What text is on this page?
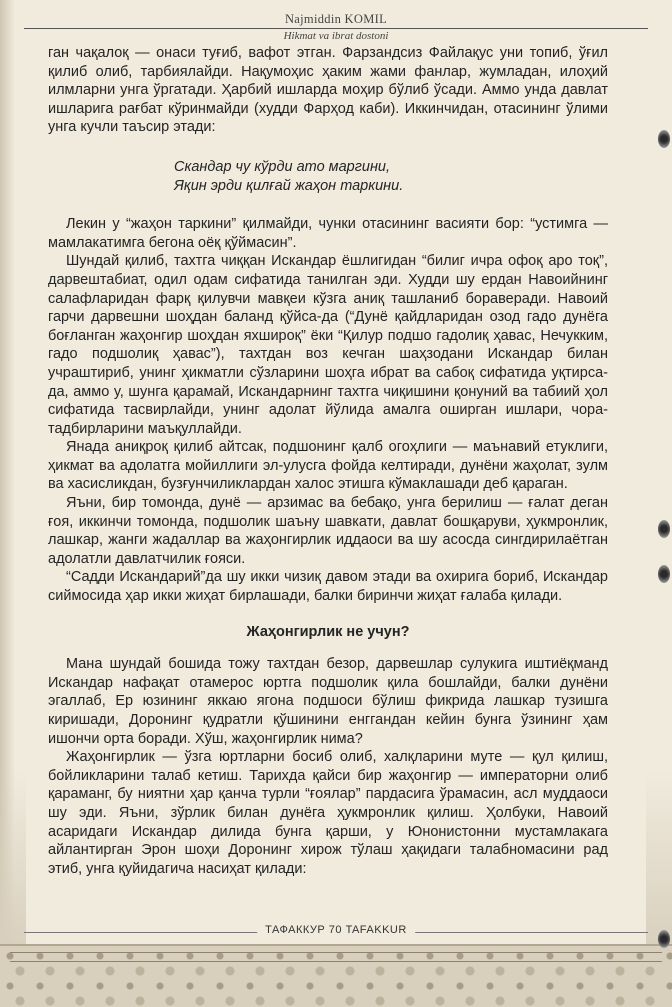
Najmiddin KOMIL
Hikmat va ibrat dostoni

ган чақалоқ — онаси туғиб, вафот этган. Фарзандсиз Файлақус уни топиб, ўғил қилиб олиб, тарбиялайди. Нақумоҳис ҳаким жами фанлар, жумладан, илоҳий илмларни унга ўргатади. Ҳарбий ишларда моҳир бўлиб ўсади. Аммо унда давлат ишларига рағбат кўринмайди (худди Фарҳод каби). Иккинчидан, отасининг ўлими унга кучли таъсир этади:

Скандар чу кўрди ато маргини,
Яқин эрди қилғай жаҳон таркини.

Лекин у “жаҳон таркини” қилмайди, чунки отасининг васияти бор: “устимга — мамлакатимга бегона оёқ қўймасин”.

Шундай қилиб, тахтга чиққан Искандар ёшлигидан “билиг ичра офоқ аро тоқ”, дарвештабиат, одил одам сифатида танилган эди. Худди шу ердан Навоийнинг салафларидан фарқ қилувчи мавқеи кўзга аниқ ташланиб бораверади. Навоий гарчи дарвешни шоҳдан баланд қўйса-да (“Дунё қайдларидан озод гадо дунёга боғланган жаҳонгир шоҳдан яхшироқ” ёки “Қилур подшо гадолиқ ҳавас, Нечукким, гадо подшолиқ ҳавас”), тахтдан воз кечган шаҳзодани Искандар билан учраштириб, унинг ҳикматли сўзларини шоҳга ибрат ва сабоқ сифатида уқтирса-да, аммо у, шунга қарамай, Искандарнинг тахтга чиқишини қонуний ва табиий ҳол сифатида тасвирлайди, унинг адолат йўлида амалга оширган ишлари, чора-тадбирларини маъқуллайди.

Янада аниқроқ қилиб айтсак, подшонинг қалб огоҳлиги — маънавий етуклиги, ҳикмат ва адолатга мойиллиги эл-улусга фойда келтиради, дунёни жаҳолат, зулм ва хасисликдан, бузғунчиликлардан халос этишга кўмаклашади деб қараган.

Яъни, бир томонда, дунё — арзимас ва бебақо, унга берилиш — ғалат деган ғоя, иккинчи томонда, подшолик шаъну шавкати, давлат бошқаруви, ҳукмронлик, лашкар, жанги жадаллар ва жаҳонгирлик иддаоси ва шу асосда сингдирилаётган адолатли давлатчилик ғояси.

“Садди Искандарий”да шу икки чизиқ давом этади ва охирига бориб, Искандар сиймосида ҳар икки жиҳат бирлашади, балки биринчи жиҳат ғалаба қилади.

Жаҳонгирлик не учун?

Мана шундай бошида тожу тахтдан безор, дарвешлар сулукига иштиёқманд Искандар нафақат отамерос юртга подшолик қила бошлайди, балки дунёни эгаллаб, Ер юзининг яккаю ягона подшоси бўлиш фикрида лашкар тузишга киришади, Доронинг қудратли қўшинини енггандан кейин бунга ўзининг ҳам ишончи орта боради. Хўш, жаҳонгирлик нима?

Жаҳонгирлик — ўзга юртларни босиб олиб, халқларини муте — қул қилиш, бойликларини талаб кетиш. Тарихда қайси бир жаҳонгир — императорни олиб қараманг, бу ниятни ҳар қанча турли “ғоялар” пардасига ўрамасин, асл муддаоси шу эди. Яъни, зўрлик билан дунёга ҳукмронлик қилиш. Ҳолбуки, Навоий асаридаги Искандар дилида бунга қарши, у Юнонистонни мустамлакага айлантирган Эрон шоҳи Доронинг хирож тўлаш ҳақидаги талабномасини рад этиб, унга қуйидагича насиҳат қилади:

ТАФАККУР 70 TAFAKKUR
